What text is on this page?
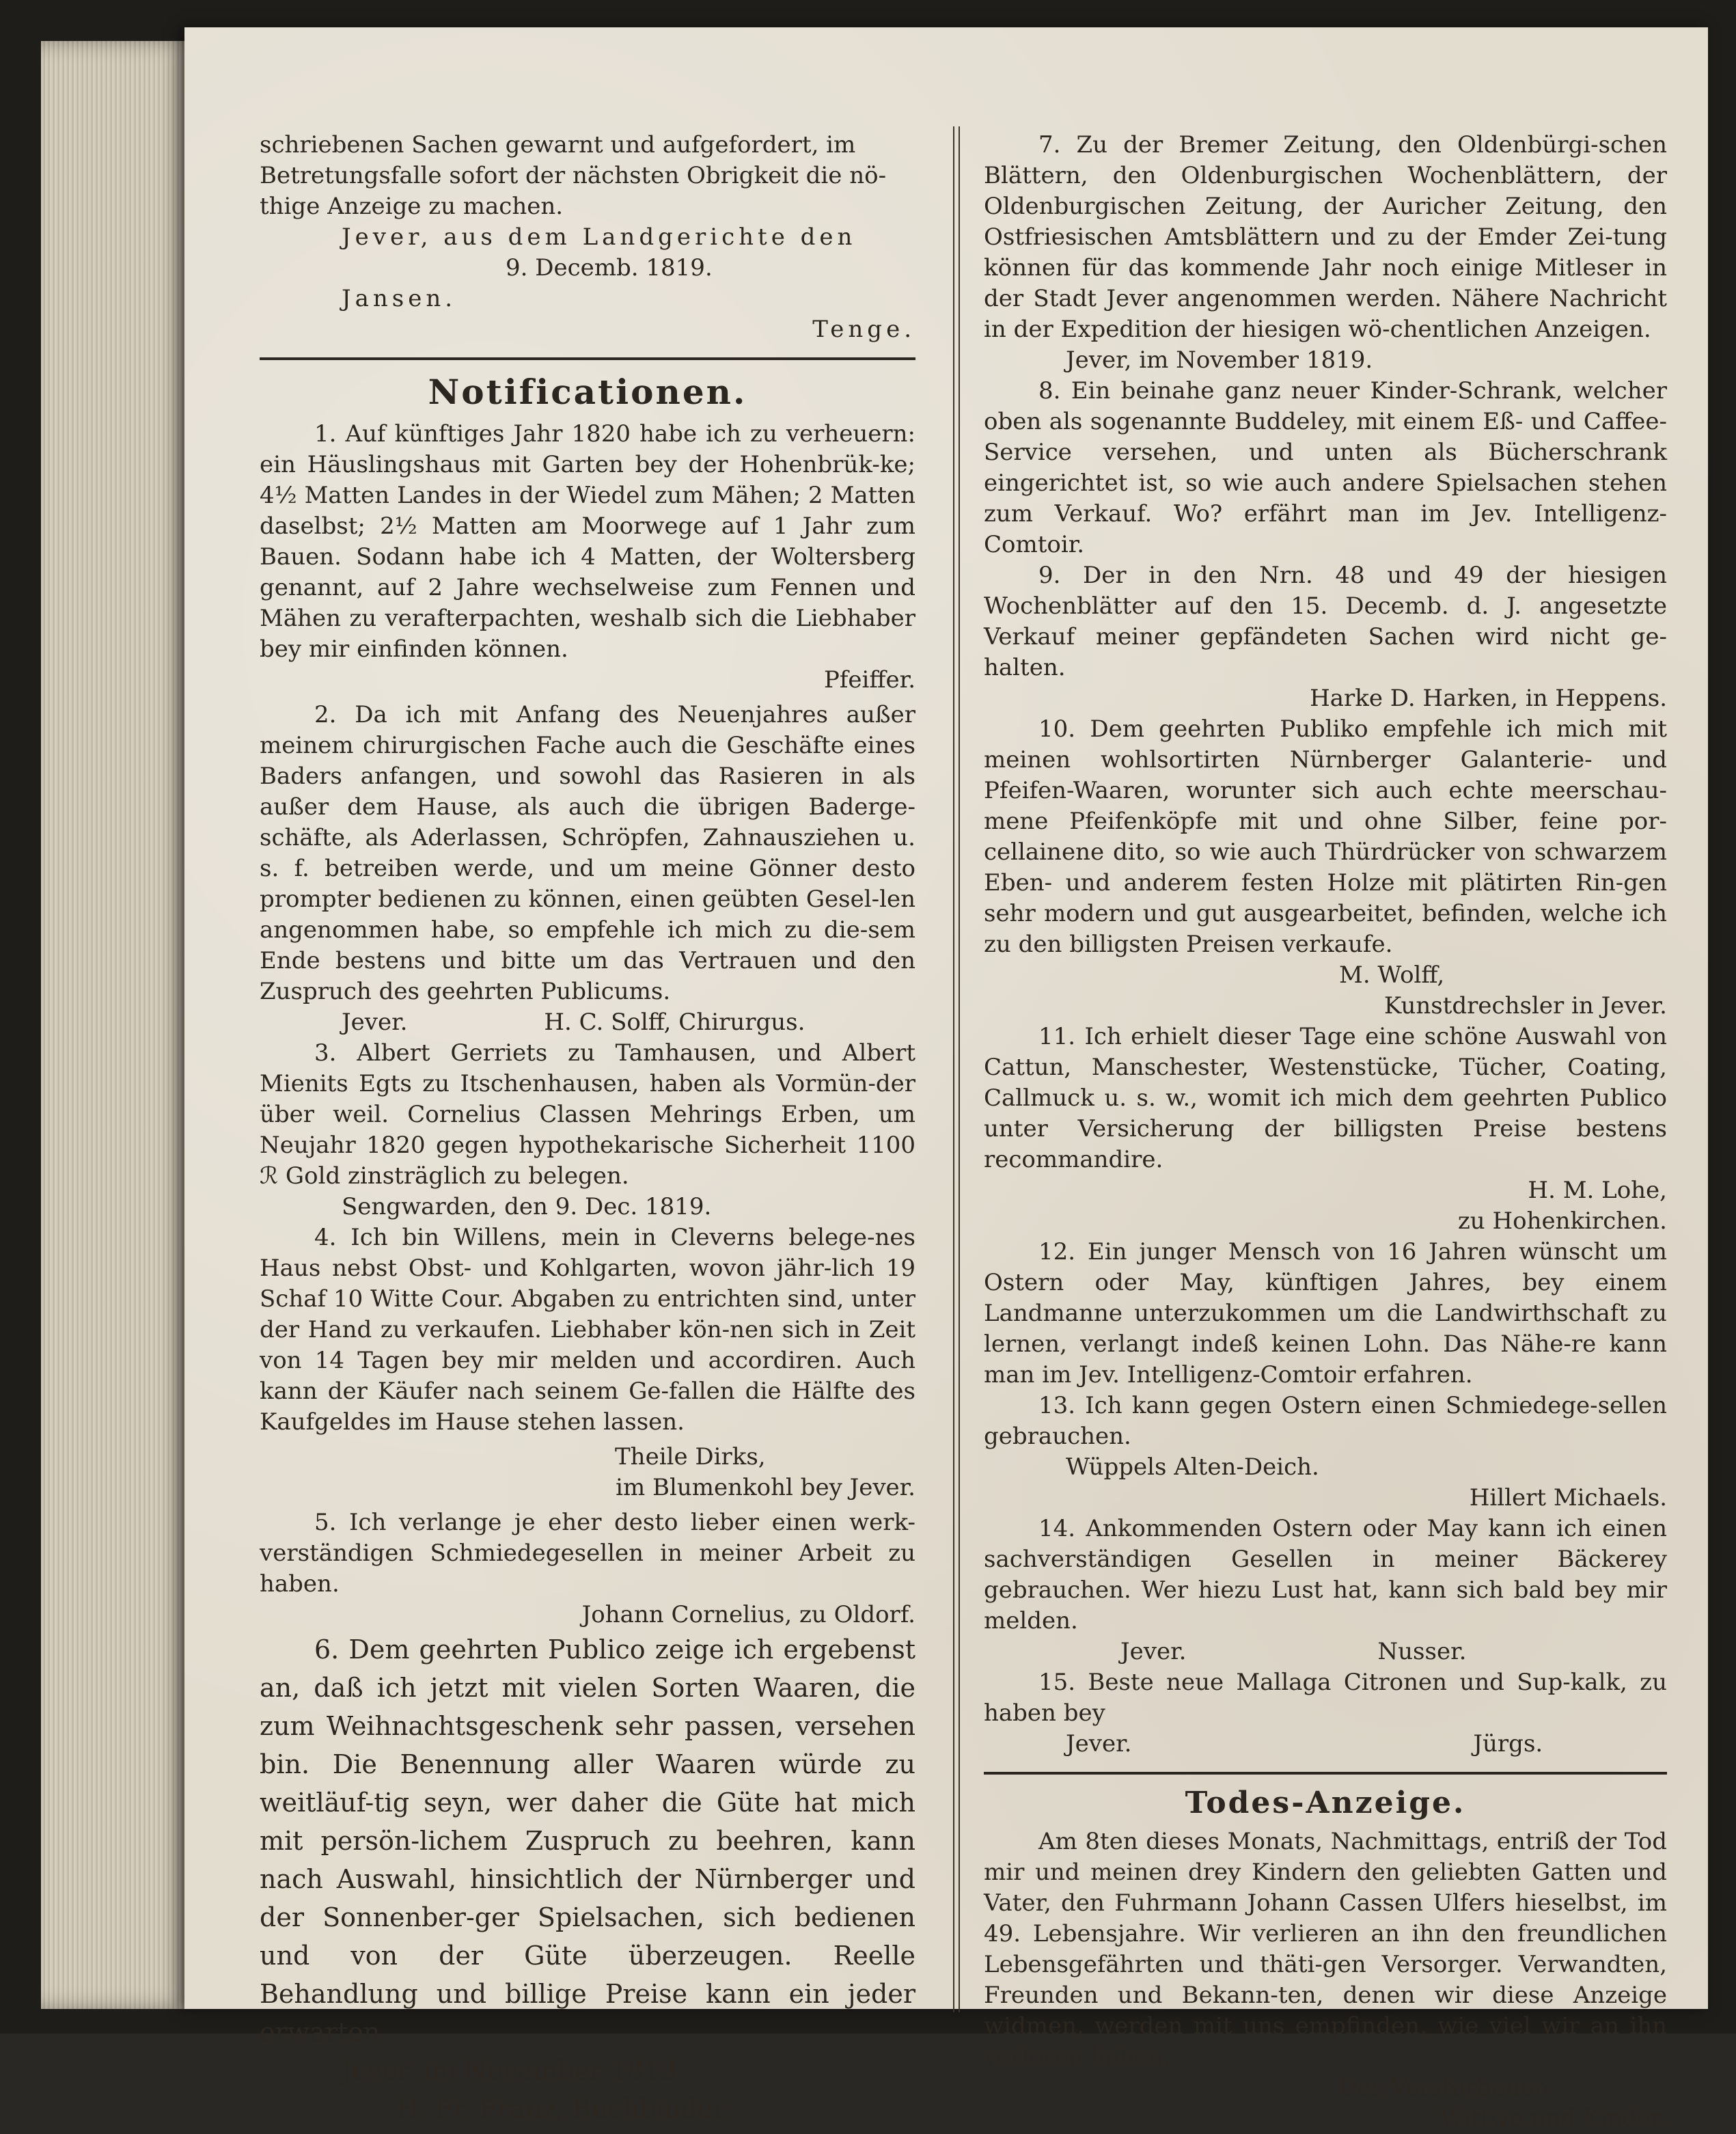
schriebenen Sachen gewarnt und aufgefordert, im

Betretungsfalle sofort der nächsten Obrigkeit die nö-

thige Anzeige zu machen.

Jever, aus dem Landgerichte den

9. Decemb. 1819.

Jansen.

Tenge.

Notificationen.

1. Auf künftiges Jahr 1820 habe ich zu verheuern: ein Häuslingshaus mit Garten bey der Hohenbrük-ke; 4½ Matten Landes in der Wiedel zum Mähen; 2 Matten daselbst; 2½ Matten am Moorwege auf 1 Jahr zum Bauen. Sodann habe ich 4 Matten, der Woltersberg genannt, auf 2 Jahre wechselweise zum Fennen und Mähen zu verafterpachten, weshalb sich die Liebhaber bey mir einfinden können.

Pfeiffer.

2. Da ich mit Anfang des Neuenjahres außer meinem chirurgischen Fache auch die Geschäfte eines Baders anfangen, und sowohl das Rasieren in als außer dem Hause, als auch die übrigen Baderge-schäfte, als Aderlassen, Schröpfen, Zahnausziehen u. s. f. betreiben werde, und um meine Gönner desto prompter bedienen zu können, einen geübten Gesel-len angenommen habe, so empfehle ich mich zu die-sem Ende bestens und bitte um das Vertrauen und den Zuspruch des geehrten Publicums.

Jever.	H. C. Solff, Chirurgus.

3. Albert Gerriets zu Tamhausen, und Albert Mienits Egts zu Itschenhausen, haben als Vormün-der über weil. Cornelius Classen Mehrings Erben, um Neujahr 1820 gegen hypothekarische Sicherheit 1100 ℛ Gold zinsträglich zu belegen.

Sengwarden, den 9. Dec. 1819.

4. Ich bin Willens, mein in Cleverns belege-nes Haus nebst Obst- und Kohlgarten, wovon jähr-lich 19 Schaf 10 Witte Cour. Abgaben zu entrichten sind, unter der Hand zu verkaufen. Liebhaber kön-nen sich in Zeit von 14 Tagen bey mir melden und accordiren. Auch kann der Käufer nach seinem Ge-fallen die Hälfte des Kaufgeldes im Hause stehen lassen.

Theile Dirks,

im Blumenkohl bey Jever.

5. Ich verlange je eher desto lieber einen werk-verständigen Schmiedegesellen in meiner Arbeit zu haben.

Johann Cornelius, zu Oldorf.

6. Dem geehrten Publico zeige ich ergebenst an, daß ich jetzt mit vielen Sorten Waaren, die zum Weihnachtsgeschenk sehr passen, versehen bin. Die Benennung aller Waaren würde zu weitläuf-tig seyn, wer daher die Güte hat mich mit persön-lichem Zuspruch zu beehren, kann nach Auswahl, hinsichtlich der Nürnberger und der Sonnenber-ger Spielsachen, sich bedienen und von der Güte überzeugen. Reelle Behandlung und billige Preise kann ein jeder erwarten

Jever. im November 1819.

H. Fr. Franz, Buchbinder.

7. Zu der Bremer Zeitung, den Oldenbürgi-schen Blättern, den Oldenburgischen Wochenblättern, der Oldenburgischen Zeitung, der Auricher Zeitung, den Ostfriesischen Amtsblättern und zu der Emder Zei-tung können für das kommende Jahr noch einige Mitleser in der Stadt Jever angenommen werden. Nähere Nachricht in der Expedition der hiesigen wö-chentlichen Anzeigen.

Jever, im November 1819.

8. Ein beinahe ganz neuer Kinder-Schrank, welcher oben als sogenannte Buddeley, mit einem Eß- und Caffee-Service versehen, und unten als Bücherschrank eingerichtet ist, so wie auch andere Spielsachen stehen zum Verkauf. Wo? erfährt man im Jev. Intelligenz-Comtoir.

9. Der in den Nrn. 48 und 49 der hiesigen Wochenblätter auf den 15. Decemb. d. J. angesetzte Verkauf meiner gepfändeten Sachen wird nicht ge-halten.

Harke D. Harken, in Heppens.

10. Dem geehrten Publiko empfehle ich mich mit meinen wohlsortirten Nürnberger Galanterie- und Pfeifen-Waaren, worunter sich auch echte meerschau-mene Pfeifenköpfe mit und ohne Silber, feine por-cellainene dito, so wie auch Thürdrücker von schwarzem Eben- und anderem festen Holze mit plätirten Rin-gen sehr modern und gut ausgearbeitet, befinden, welche ich zu den billigsten Preisen verkaufe.

M. Wolff,

Kunstdrechsler in Jever.

11. Ich erhielt dieser Tage eine schöne Auswahl von Cattun, Manschester, Westenstücke, Tücher, Coating, Callmuck u. s. w., womit ich mich dem geehrten Publico unter Versicherung der billigsten Preise bestens recommandire.

H. M. Lohe,

zu Hohenkirchen.

12. Ein junger Mensch von 16 Jahren wünscht um Ostern oder May, künftigen Jahres, bey einem Landmanne unterzukommen um die Landwirthschaft zu lernen, verlangt indeß keinen Lohn. Das Nähe-re kann man im Jev. Intelligenz-Comtoir erfahren.

13. Ich kann gegen Ostern einen Schmiedege-sellen gebrauchen.

Wüppels Alten-Deich.

Hillert Michaels.

14. Ankommenden Ostern oder May kann ich einen sachverständigen Gesellen in meiner Bäckerey gebrauchen. Wer hiezu Lust hat, kann sich bald bey mir melden.

Jever.	Nusser.

15. Beste neue Mallaga Citronen und Sup-kalk, zu haben bey

Jever.	Jürgs.

Todes-Anzeige.

Am 8ten dieses Monats, Nachmittags, entriß der Tod mir und meinen drey Kindern den geliebten Gatten und Vater, den Fuhrmann Johann Cassen Ulfers hieselbst, im 49. Lebensjahre. Wir verlieren an ihn den freundlichen Lebensgefährten und thäti-gen Versorger. Verwandten, Freunden und Bekann-ten, denen wir diese Anzeige widmen, werden mit uns empfinden, wie viel wir an ihn verloren haben.

Des Verstorbenen

Wittwe und Kinder.
